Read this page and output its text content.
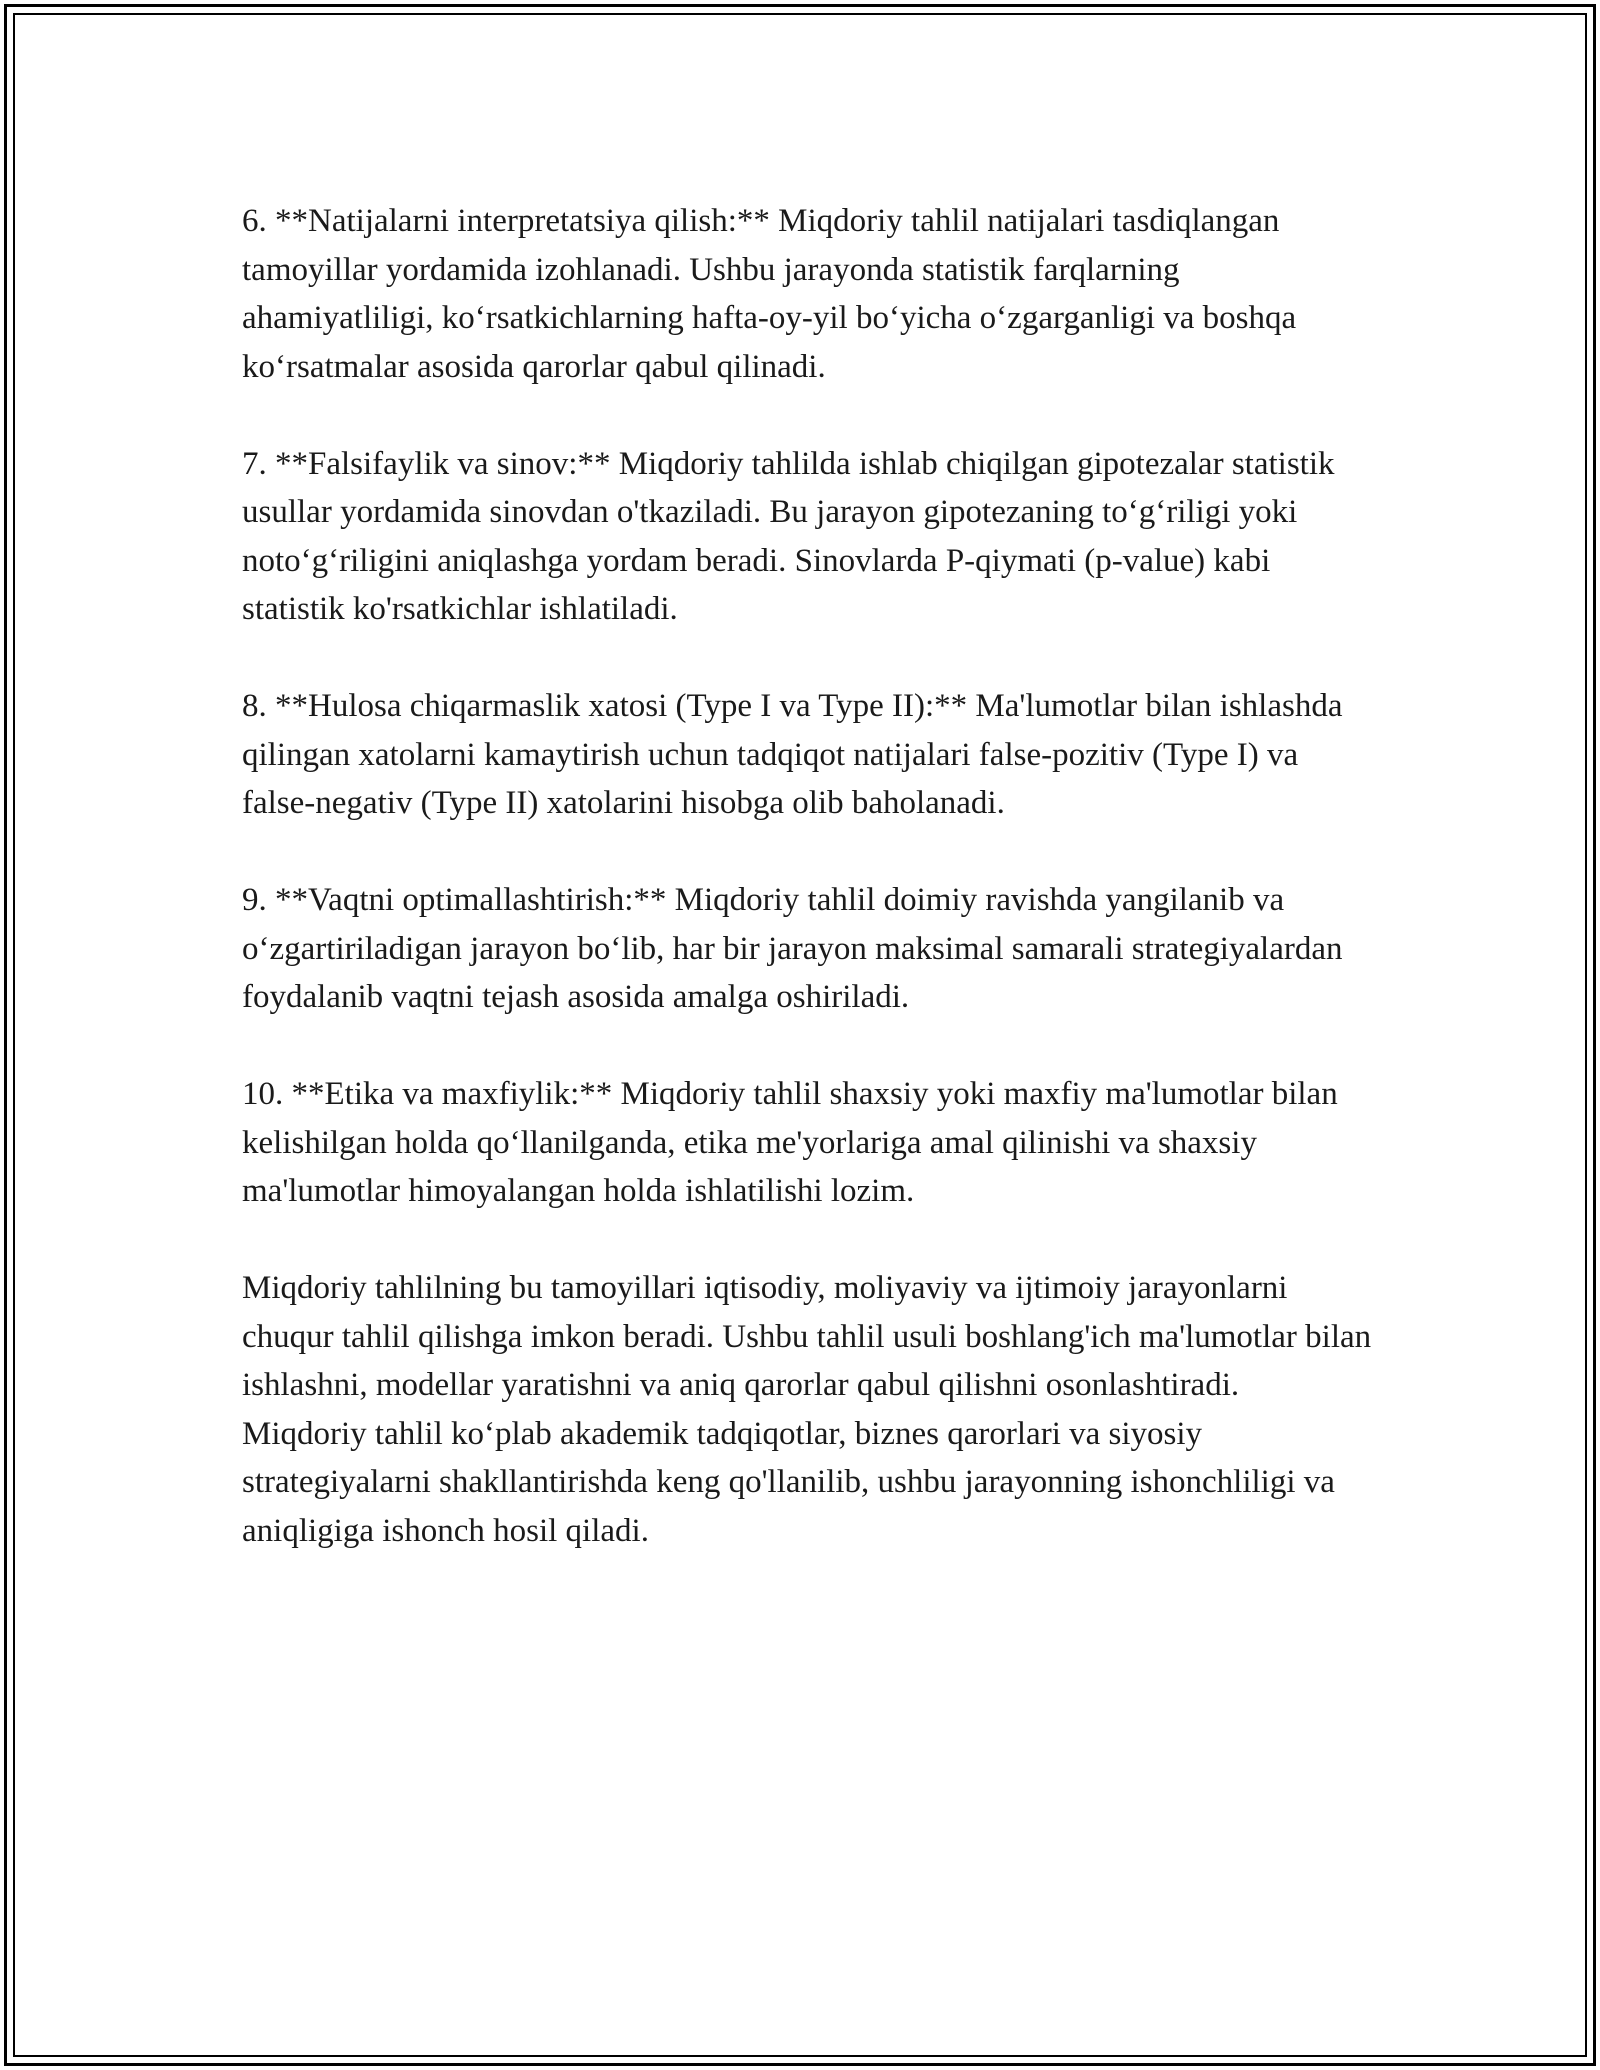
6. **Natijalarni interpretatsiya qilish:** Miqdoriy tahlil natijalari tasdiqlangan tamoyillar yordamida izohlanadi. Ushbu jarayonda statistik farqlarning ahamiyatliligi, ko‘rsatkichlarning hafta-oy-yil bo‘yicha o‘zgarganligi va boshqa ko‘rsatmalar asosida qarorlar qabul qilinadi.

7. **Falsifaylik va sinov:** Miqdoriy tahlilda ishlab chiqilgan gipotezalar statistik usullar yordamida sinovdan o'tkaziladi. Bu jarayon gipotezaning to‘g‘riligi yoki noto‘g‘riligini aniqlashga yordam beradi. Sinovlarda P-qiymati (p-value) kabi statistik ko'rsatkichlar ishlatiladi.

8. **Hulosa chiqarmaslik xatosi (Type I va Type II):** Ma'lumotlar bilan ishlashda qilingan xatolarni kamaytirish uchun tadqiqot natijalari false-pozitiv (Type I) va false-negativ (Type II) xatolarini hisobga olib baholanadi.

9. **Vaqtni optimallashtirish:** Miqdoriy tahlil doimiy ravishda yangilanib va o‘zgartiriladigan jarayon bo‘lib, har bir jarayon maksimal samarali strategiyalardan foydalanib vaqtni tejash asosida amalga oshiriladi.

10. **Etika va maxfiylik:** Miqdoriy tahlil shaxsiy yoki maxfiy ma'lumotlar bilan kelishilgan holda qo‘llanilganda, etika me'yorlariga amal qilinishi va shaxsiy ma'lumotlar himoyalangan holda ishlatilishi lozim.

Miqdoriy tahlilning bu tamoyillari iqtisodiy, moliyaviy va ijtimoiy jarayonlarni chuqur tahlil qilishga imkon beradi. Ushbu tahlil usuli boshlang'ich ma'lumotlar bilan ishlashni, modellar yaratishni va aniq qarorlar qabul qilishni osonlashtiradi. Miqdoriy tahlil ko‘plab akademik tadqiqotlar, biznes qarorlari va siyosiy strategiyalarni shakllantirishda keng qo'llanilib, ushbu jarayonning ishonchliligi va aniqligiga ishonch hosil qiladi.
